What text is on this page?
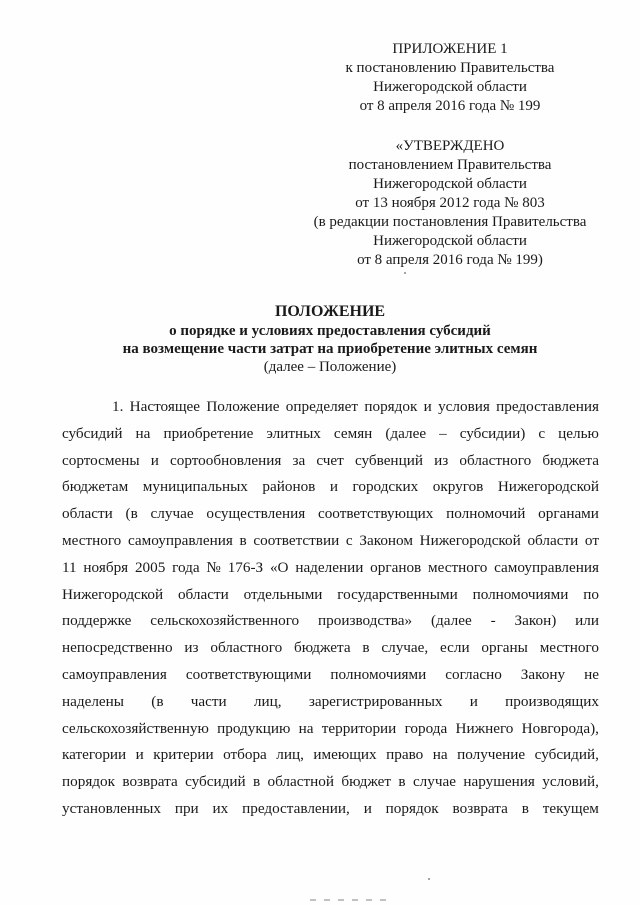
ПРИЛОЖЕНИЕ 1
к постановлению Правительства
Нижегородской области
от 8 апреля 2016 года № 199
«УТВЕРЖДЕНО
постановлением Правительства
Нижегородской области
от 13 ноября 2012 года № 803
(в редакции постановления Правительства
Нижегородской области
от 8 апреля 2016 года № 199)
ПОЛОЖЕНИЕ
о порядке и условиях предоставления субсидий
на возмещение части затрат на приобретение элитных семян
(далее – Положение)
1. Настоящее Положение определяет порядок и условия предоставления
субсидий на приобретение элитных семян (далее – субсидии) с целью
сортосмены и сортообновления за счет субвенций из областного бюджета
бюджетам муниципальных районов и городских округов Нижегородской
области (в случае осуществления соответствующих полномочий органами
местного самоуправления в соответствии с Законом Нижегородской области от
11 ноября 2005 года № 176-З «О наделении органов местного самоуправления
Нижегородской области отдельными государственными полномочиями по
поддержке сельскохозяйственного производства» (далее - Закон) или
непосредственно из областного бюджета в случае, если органы местного
самоуправления соответствующими полномочиями согласно Закону не
наделены (в части лиц, зарегистрированных и производящих
сельскохозяйственную продукцию на территории города Нижнего Новгорода),
категории и критерии отбора лиц, имеющих право на получение субсидий,
порядок возврата субсидий в областной бюджет в случае нарушения условий,
установленных при их предоставлении, и порядок возврата в текущем
